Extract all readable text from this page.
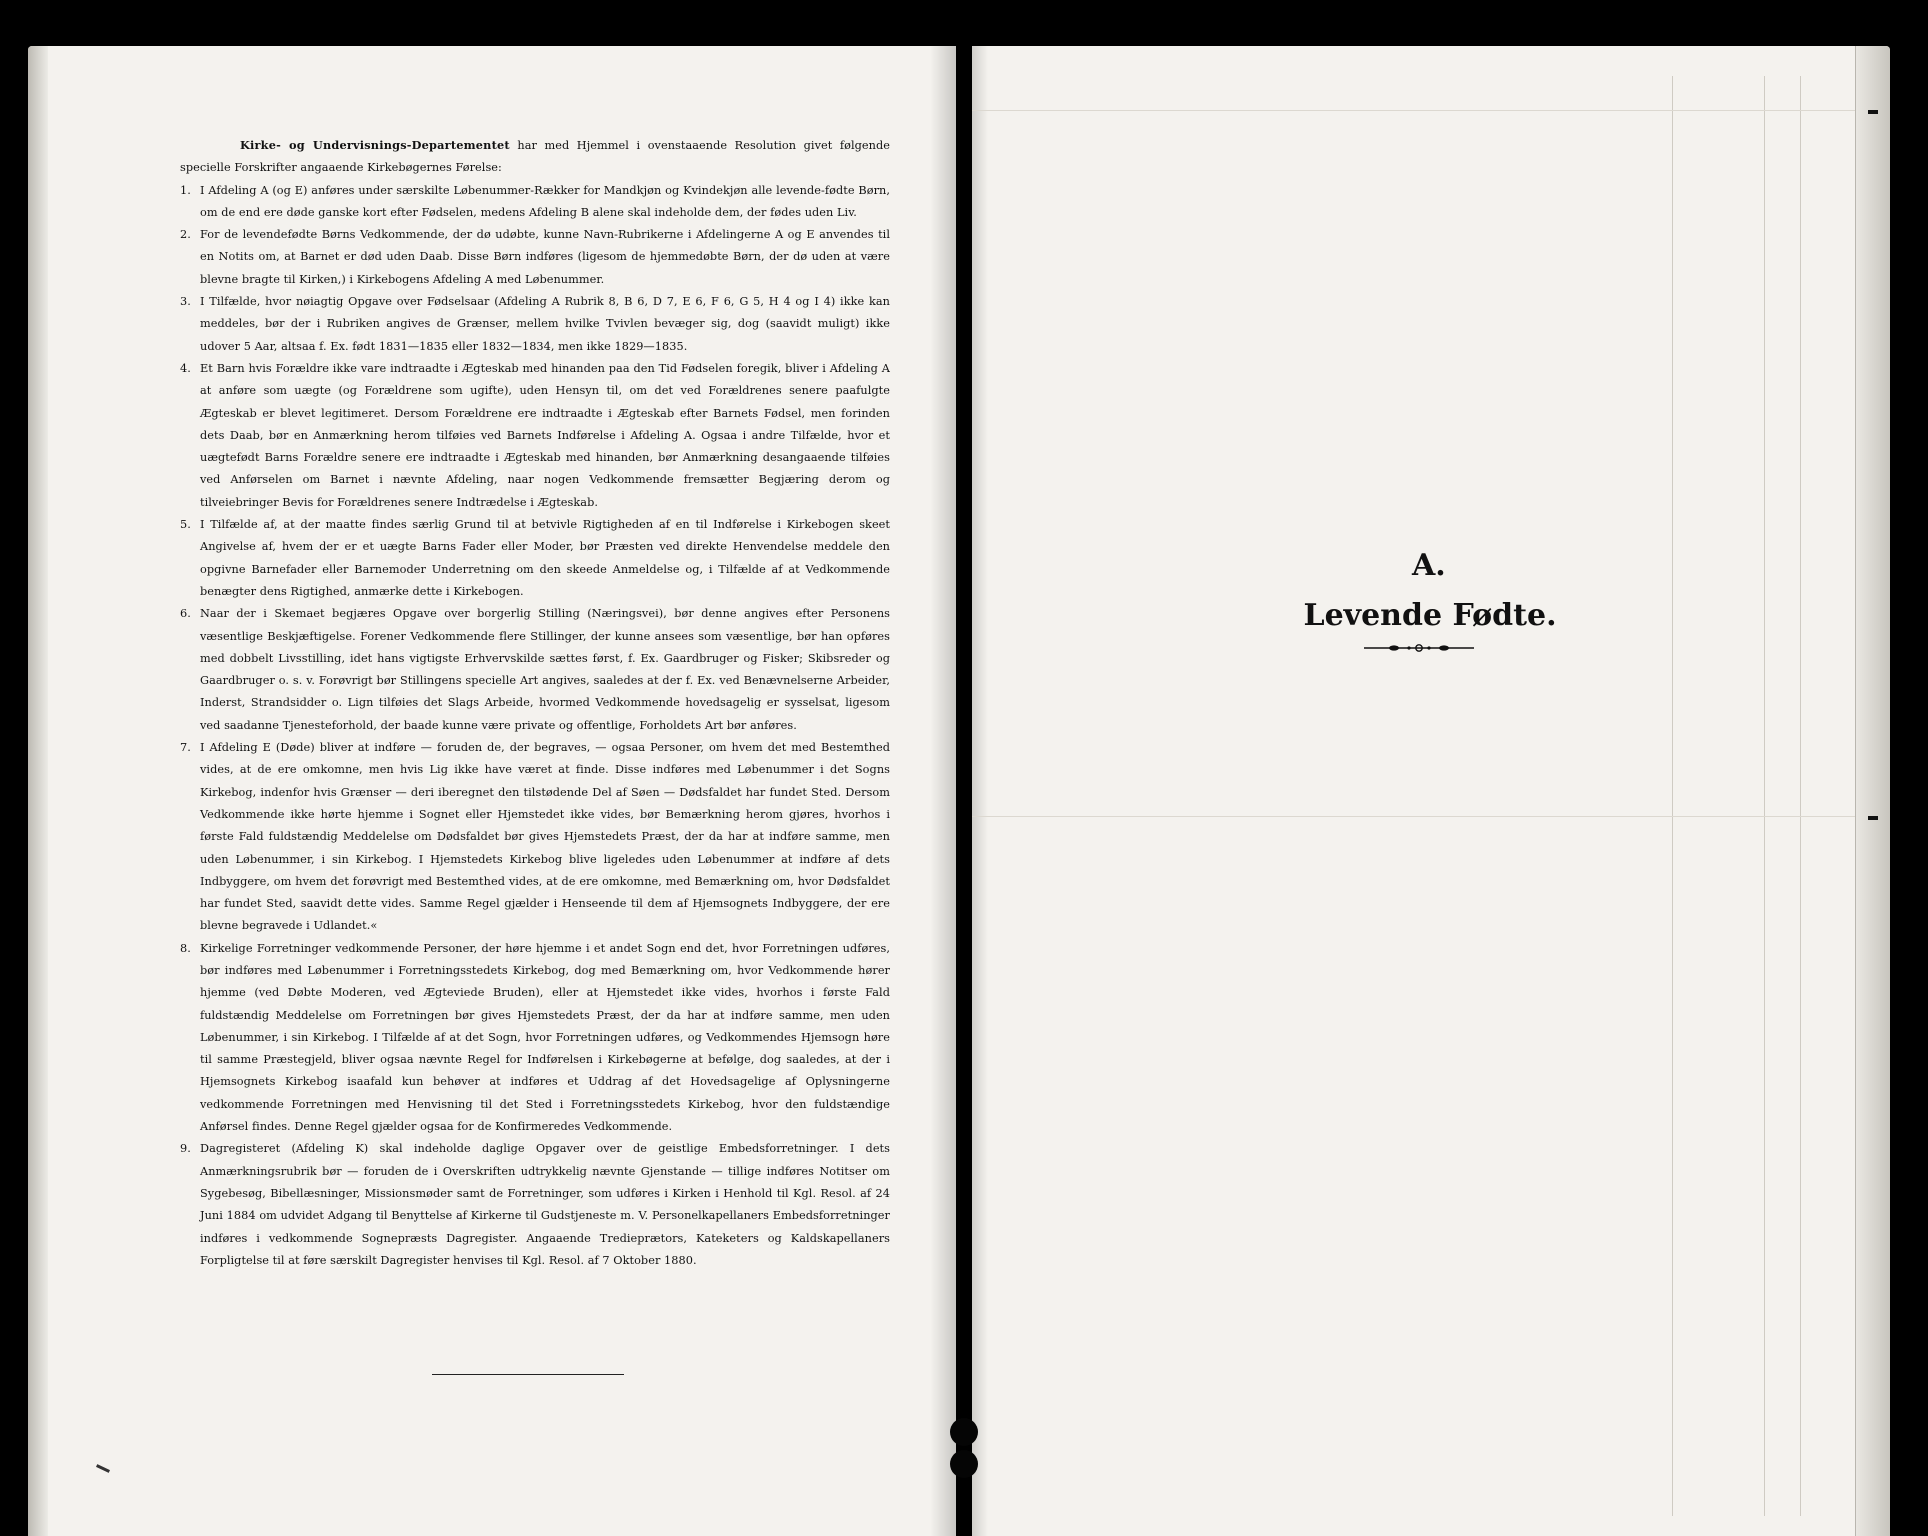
Kirke- og Undervisnings-Departementet har med Hjemmel i ovenstaaende Resolution givet følgende specielle Forskrifter angaaende Kirkebøgernes Førelse:

1. I Afdeling A (og E) anføres under særskilte Løbenummer-Rækker for Mandkjøn og Kvindekjøn alle levende-fødte Børn, om de end ere døde ganske kort efter Fødselen, medens Afdeling B alene skal indeholde dem, der fødes uden Liv.
2. For de levendefødte Børns Vedkommende, der dø udøbte, kunne Navn-Rubrikerne i Afdelingerne A og E anvendes til en Notits om, at Barnet er død uden Daab. Disse Børn indføres (ligesom de hjemmedøbte Børn, der dø uden at være blevne bragte til Kirken,) i Kirkebogens Afdeling A med Løbenummer.
3. I Tilfælde, hvor nøiagtig Opgave over Fødselsaar (Afdeling A Rubrik 8, B 6, D 7, E 6, F 6, G 5, H 4 og I 4) ikke kan meddeles, bør der i Rubriken angives de Grænser, mellem hvilke Tvivlen bevæger sig, dog (saavidt muligt) ikke udover 5 Aar, altsaa f. Ex. født 1831—1835 eller 1832—1834, men ikke 1829—1835.
4. Et Barn hvis Forældre ikke vare indtraadte i Ægteskab med hinanden paa den Tid Fødselen foregik, bliver i Afdeling A at anføre som uægte (og Forældrene som ugifte), uden Hensyn til, om det ved Forældrenes senere paafulgte Ægteskab er blevet legitimeret. Dersom Forældrene ere indtraadte i Ægteskab efter Barnets Fødsel, men forinden dets Daab, bør en Anmærkning herom tilføies ved Barnets Indførelse i Afdeling A. Ogsaa i andre Tilfælde, hvor et uægtefødt Barns Forældre senere ere indtraadte i Ægteskab med hinanden, bør Anmærkning desangaaende tilføies ved Anførselen om Barnet i nævnte Afdeling, naar nogen Vedkommende fremsætter Begjæring derom og tilveiebringer Bevis for Forældrenes senere Indtrædelse i Ægteskab.
5. I Tilfælde af, at der maatte findes særlig Grund til at betvivle Rigtigheden af en til Indførelse i Kirkebogen skeet Angivelse af, hvem der er et uægte Barns Fader eller Moder, bør Præsten ved direkte Henvendelse meddele den opgivne Barnefader eller Barnemoder Underretning om den skeede Anmeldelse og, i Tilfælde af at Vedkommende benægter dens Rigtighed, anmærke dette i Kirkebogen.
6. Naar der i Skemaet begjæres Opgave over borgerlig Stilling (Næringsvei), bør denne angives efter Personens væsentlige Beskjæftigelse. Forener Vedkommende flere Stillinger, der kunne ansees som væsentlige, bør han opføres med dobbelt Livsstilling, idet hans vigtigste Erhvervskilde sættes først, f. Ex. Gaardbruger og Fisker; Skibsreder og Gaardbruger o. s. v. Forøvrigt bør Stillingens specielle Art angives, saaledes at der f. Ex. ved Benævnelserne Arbeider, Inderst, Strandsidder o. Lign tilføies det Slags Arbeide, hvormed Vedkommende hovedsagelig er sysselsat, ligesom ved saadanne Tjenesteforhold, der baade kunne være private og offentlige, Forholdets Art bør anføres.
7. I Afdeling E (Døde) bliver at indføre — foruden de, der begraves, — ogsaa Personer, om hvem det med Bestemthed vides, at de ere omkomne, men hvis Lig ikke have været at finde. Disse indføres med Løbenummer i det Sogns Kirkebog, indenfor hvis Grænser — deri iberegnet den tilstødende Del af Søen — Dødsfaldet har fundet Sted. Dersom Vedkommende ikke hørte hjemme i Sognet eller Hjemstedet ikke vides, bør Bemærkning herom gjøres, hvorhos i første Fald fuldstændig Meddelelse om Dødsfaldet bør gives Hjemstedets Præst, der da har at indføre samme, men uden Løbenummer, i sin Kirkebog. I Hjemstedets Kirkebog blive ligeledes uden Løbenummer at indføre af dets Indbyggere, om hvem det forøvrigt med Bestemthed vides, at de ere omkomne, med Bemærkning om, hvor Dødsfaldet har fundet Sted, saavidt dette vides. Samme Regel gjælder i Henseende til dem af Hjemsognets Indbyggere, der ere blevne begravede i Udlandet.«
8. Kirkelige Forretninger vedkommende Personer, der høre hjemme i et andet Sogn end det, hvor Forretningen udføres, bør indføres med Løbenummer i Forretningsstedets Kirkebog, dog med Bemærkning om, hvor Vedkommende hører hjemme (ved Døbte Moderen, ved Ægteviede Bruden), eller at Hjemstedet ikke vides, hvorhos i første Fald fuldstændig Meddelelse om Forretningen bør gives Hjemstedets Præst, der da har at indføre samme, men uden Løbenummer, i sin Kirkebog. I Tilfælde af at det Sogn, hvor Forretningen udføres, og Vedkommendes Hjemsogn høre til samme Præstegjeld, bliver ogsaa nævnte Regel for Indførelsen i Kirkebøgerne at befølge, dog saaledes, at der i Hjemsognets Kirkebog isaafald kun behøver at indføres et Uddrag af det Hovedsagelige af Oplysningerne vedkommende Forretningen med Henvisning til det Sted i Forretningsstedets Kirkebog, hvor den fuldstændige Anførsel findes. Denne Regel gjælder ogsaa for de Konfirmeredes Vedkommende.
9. Dagregisteret (Afdeling K) skal indeholde daglige Opgaver over de geistlige Embedsforretninger. I dets Anmærkningsrubrik bør — foruden de i Overskriften udtrykkelig nævnte Gjenstande — tillige indføres Notitser om Sygebesøg, Bibellæsninger, Missionsmøder samt de Forretninger, som udføres i Kirken i Henhold til Kgl. Resol. af 24 Juni 1884 om udvidet Adgang til Benyttelse af Kirkerne til Gudstjeneste m. V. Personelkapellaners Embedsforretninger indføres i vedkommende Sognepræsts Dagregister. Angaaende Tredieprætors, Kateketers og Kaldskapellaners Forpligtelse til at føre særskilt Dagregister henvises til Kgl. Resol. af 7 Oktober 1880.
A.
Levende Fødte.
